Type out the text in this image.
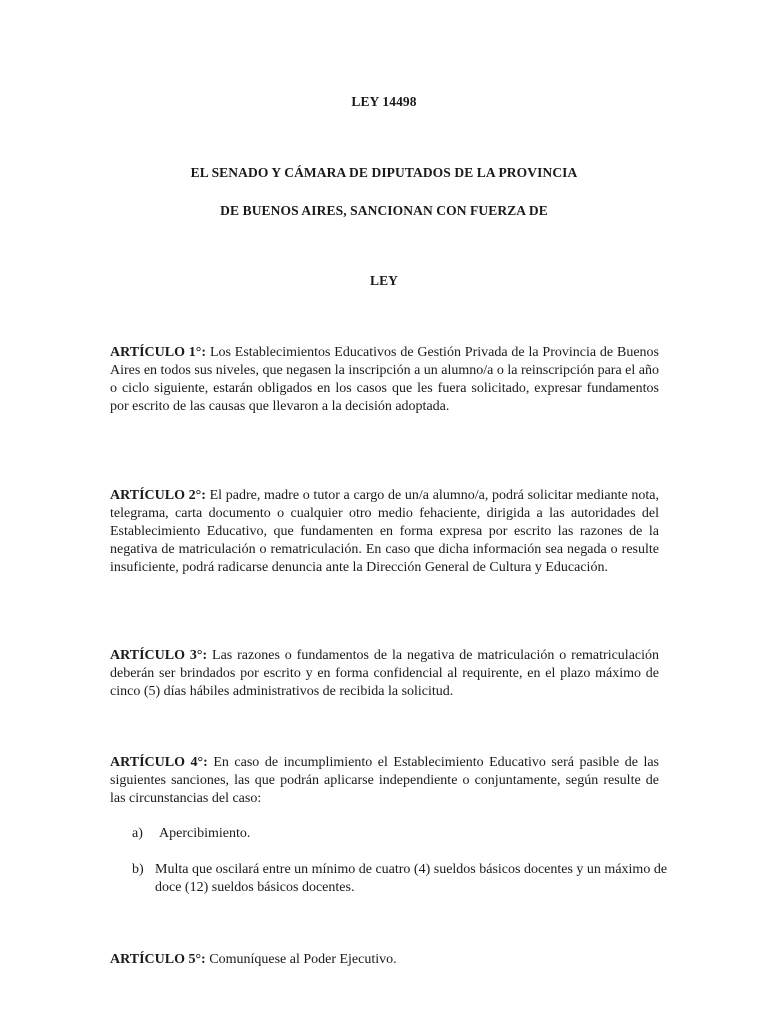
LEY 14498

EL SENADO Y CÁMARA DE DIPUTADOS DE LA PROVINCIA

DE BUENOS AIRES, SANCIONAN CON FUERZA DE

LEY

ARTÍCULO 1°: Los Establecimientos Educativos de Gestión Privada de la Provincia de Buenos Aires en todos sus niveles, que negasen la inscripción a un alumno/a o la reinscripción para el año o ciclo siguiente, estarán obligados en los casos que les fuera solicitado, expresar fundamentos por escrito de las causas que llevaron a la decisión adoptada.

ARTÍCULO 2°: El padre, madre o tutor a cargo de un/a alumno/a, podrá solicitar mediante nota, telegrama, carta documento o cualquier otro medio fehaciente, dirigida a las autoridades del Establecimiento Educativo, que fundamenten en forma expresa por escrito las razones de la negativa de matriculación o rematriculación. En caso que dicha información sea negada o resulte insuficiente, podrá radicarse denuncia ante la Dirección General de Cultura y Educación.

ARTÍCULO 3°: Las razones o fundamentos de la negativa de matriculación o rematriculación deberán ser brindados por escrito y en forma confidencial al requirente, en el plazo máximo de cinco (5) días hábiles administrativos de recibida la solicitud.

ARTÍCULO 4°: En caso de incumplimiento el Establecimiento Educativo será pasible de las siguientes sanciones, las que podrán aplicarse independiente o conjuntamente, según resulte de las circunstancias del caso:

a) Apercibimiento.
b) Multa que oscilará entre un mínimo de cuatro (4) sueldos básicos docentes y un máximo de doce (12) sueldos básicos docentes.

ARTÍCULO 5°: Comuníquese al Poder Ejecutivo.
